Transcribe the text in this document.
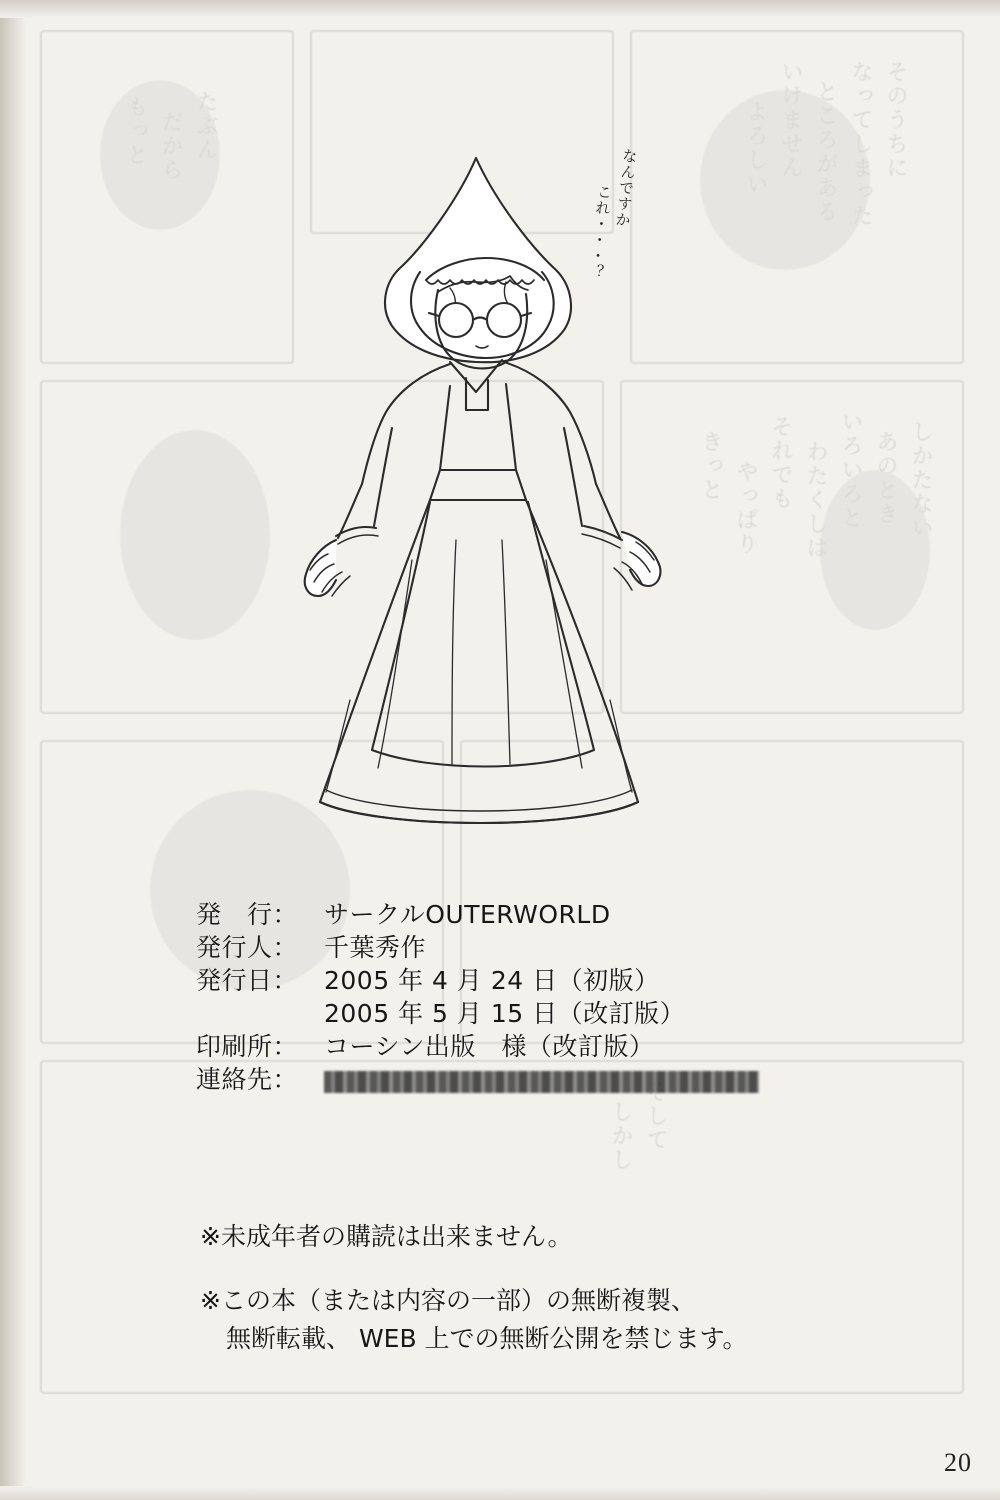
そのうちに
なってしまった
ところがある
いけません
よろしい
しかたない
あのとき
いろいろと
わたくしは
それでも
やっぱり
きっと
たぶん
だから
もっと
そして
しかし
なんですか
これ・・・？
発　行：	サークルOUTERWORLD
発行人：	千葉秀作
発行日：	2005 年 4 月 24 日（初版）
2005 年 5 月 15 日（改訂版）
印刷所：	コーシン出版　様（改訂版）
連絡先：
※未成年者の購読は出来ません。
※この本（または内容の一部）の無断複製、
無断転載、 WEB 上での無断公開を禁じます。
20
